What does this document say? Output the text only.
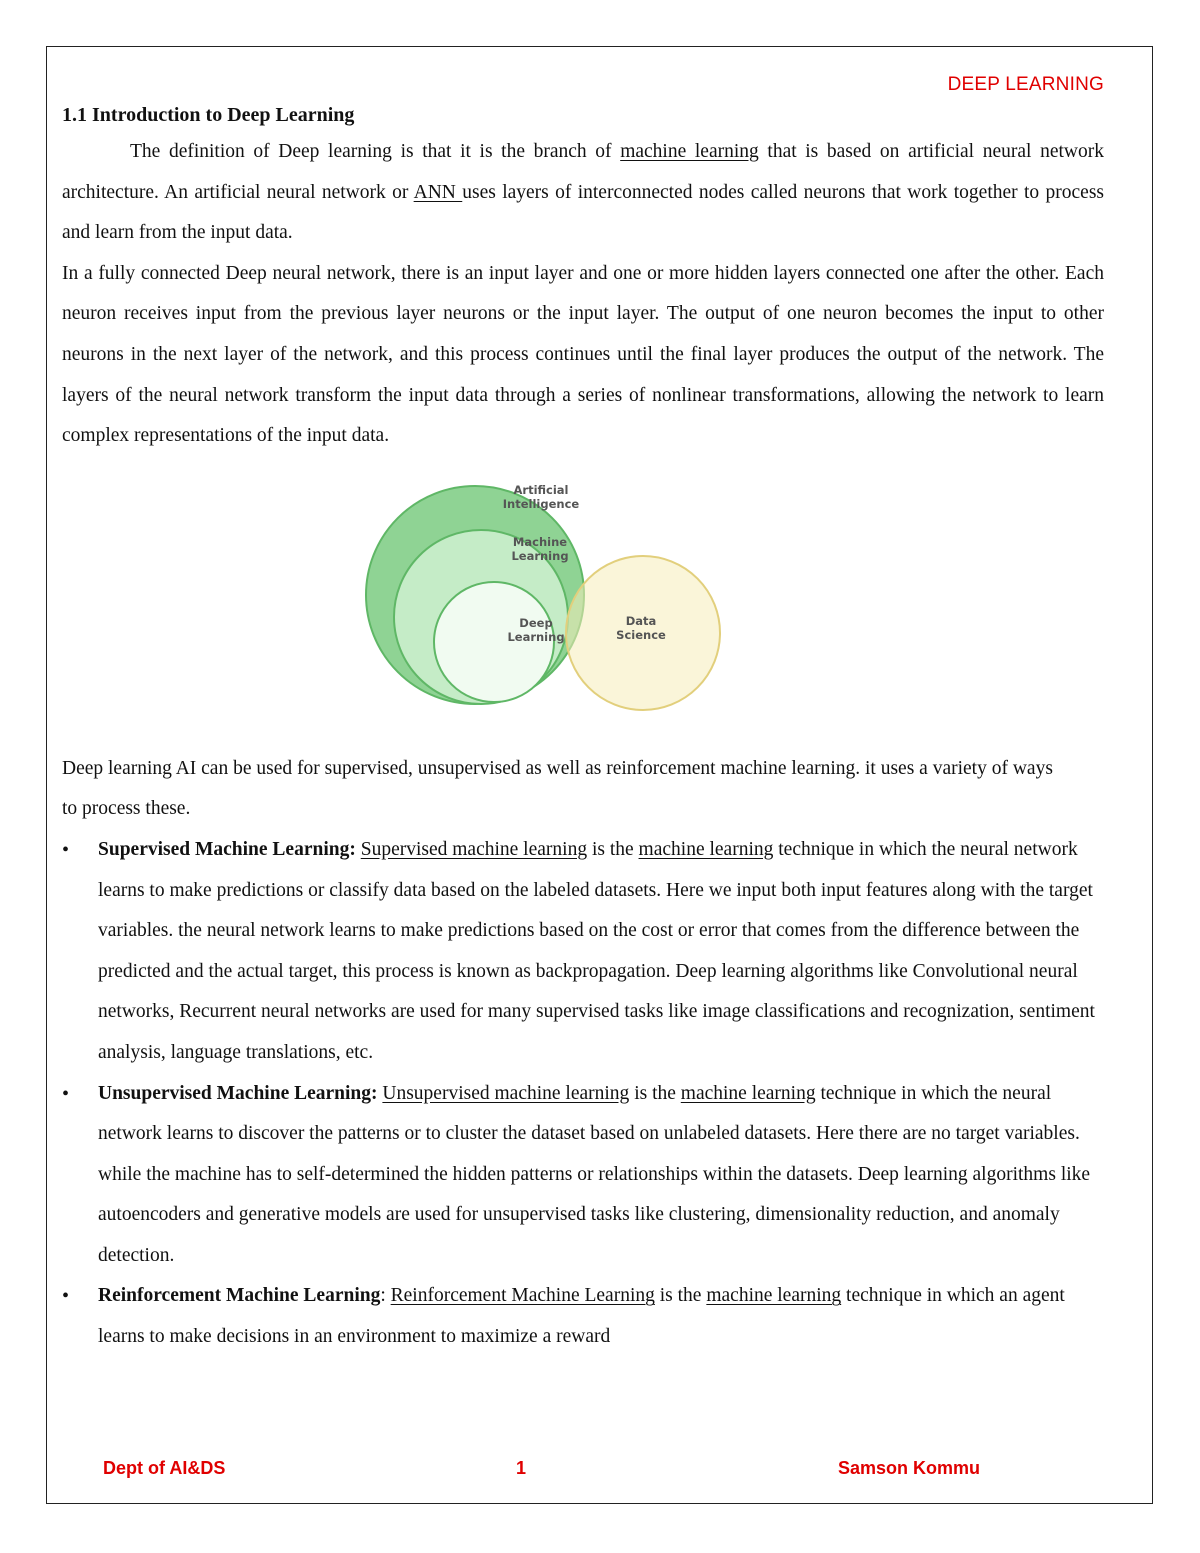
DEEP LEARNING
1.1 Introduction to Deep Learning

The definition of Deep learning is that it is the branch of machine learning that is based on artificial neural network architecture. An artificial neural network or ANN uses layers of interconnected nodes called neurons that work together to process and learn from the input data.

In a fully connected Deep neural network, there is an input layer and one or more hidden layers connected one after the other. Each neuron receives input from the previous layer neurons or the input layer. The output of one neuron becomes the input to other neurons in the next layer of the network, and this process continues until the final layer produces the output of the network. The layers of the neural network transform the input data through a series of nonlinear transformations, allowing the network to learn complex representations of the input data.

Artificial
Intelligence
Machine
Learning
Deep
Learning
Data
Science

Deep learning AI can be used for supervised, unsupervised as well as reinforcement machine learning. it uses a variety of ways to process these.

• Supervised Machine Learning: Supervised machine learning is the machine learning technique in which the neural network learns to make predictions or classify data based on the labeled datasets. Here we input both input features along with the target variables. the neural network learns to make predictions based on the cost or error that comes from the difference between the predicted and the actual target, this process is known as backpropagation. Deep learning algorithms like Convolutional neural networks, Recurrent neural networks are used for many supervised tasks like image classifications and recognization, sentiment analysis, language translations, etc.
• Unsupervised Machine Learning: Unsupervised machine learning is the machine learning technique in which the neural network learns to discover the patterns or to cluster the dataset based on unlabeled datasets. Here there are no target variables. while the machine has to self-determined the hidden patterns or relationships within the datasets. Deep learning algorithms like autoencoders and generative models are used for unsupervised tasks like clustering, dimensionality reduction, and anomaly detection.
• Reinforcement Machine Learning: Reinforcement Machine Learning is the machine learning technique in which an agent learns to make decisions in an environment to maximize a reward
Dept of AI&DS	1	Samson Kommu
